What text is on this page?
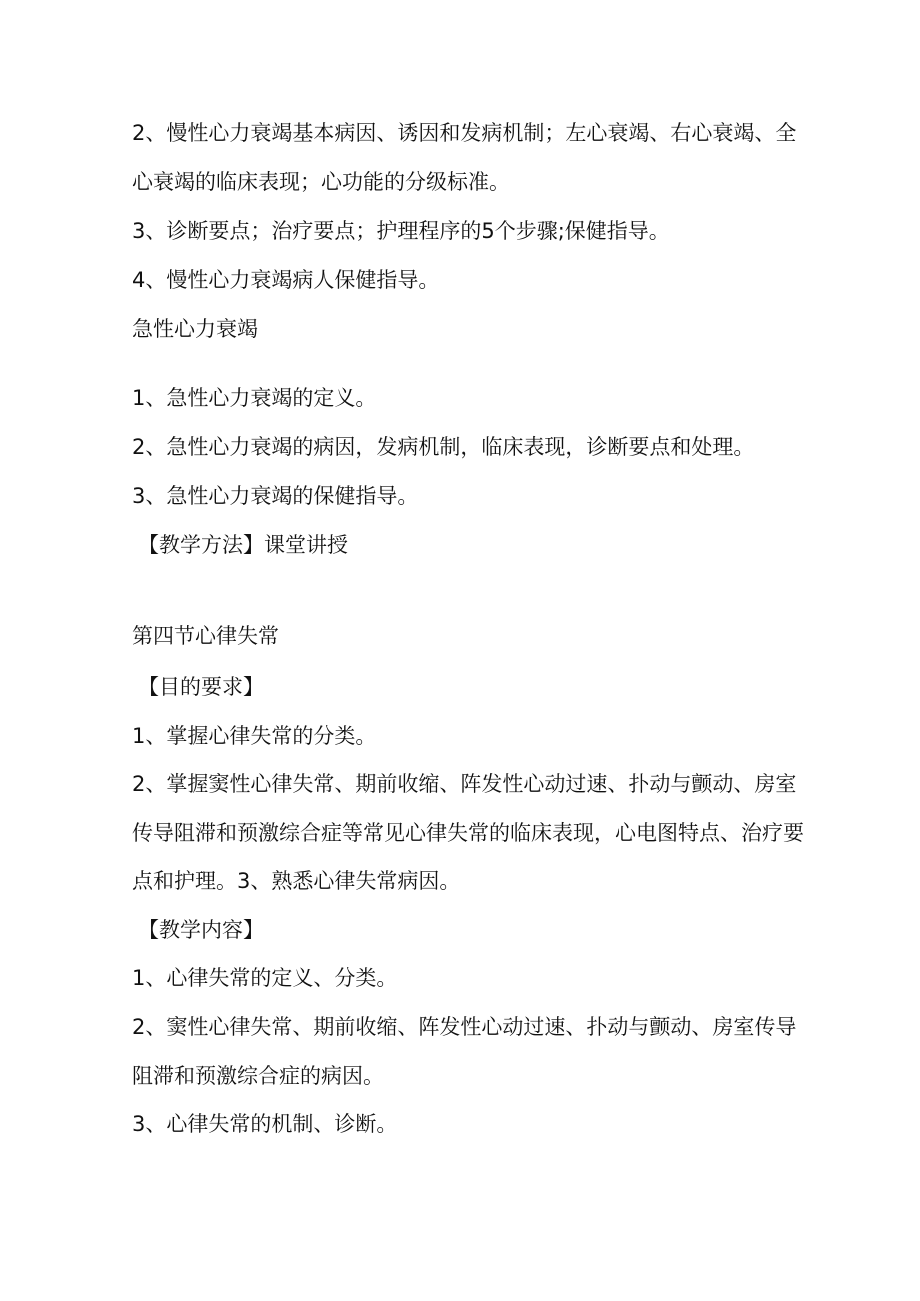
2、慢性心力衰竭基本病因、诱因和发病机制；左心衰竭、右心衰竭、全
心衰竭的临床表现；心功能的分级标准。
3、诊断要点；治疗要点；护理程序的5个步骤;保健指导。
4、慢性心力衰竭病人保健指导。
急性心力衰竭
1、急性心力衰竭的定义。
2、急性心力衰竭的病因，发病机制，临床表现，诊断要点和处理。
3、急性心力衰竭的保健指导。
【教学方法】课堂讲授
第四节心律失常
【目的要求】
1、掌握心律失常的分类。
2、掌握窦性心律失常、期前收缩、阵发性心动过速、扑动与颤动、房室
传导阻滞和预激综合症等常见心律失常的临床表现，心电图特点、治疗要
点和护理。3、熟悉心律失常病因。
【教学内容】
1、心律失常的定义、分类。
2、窦性心律失常、期前收缩、阵发性心动过速、扑动与颤动、房室传导
阻滞和预激综合症的病因。
3、心律失常的机制、诊断。
